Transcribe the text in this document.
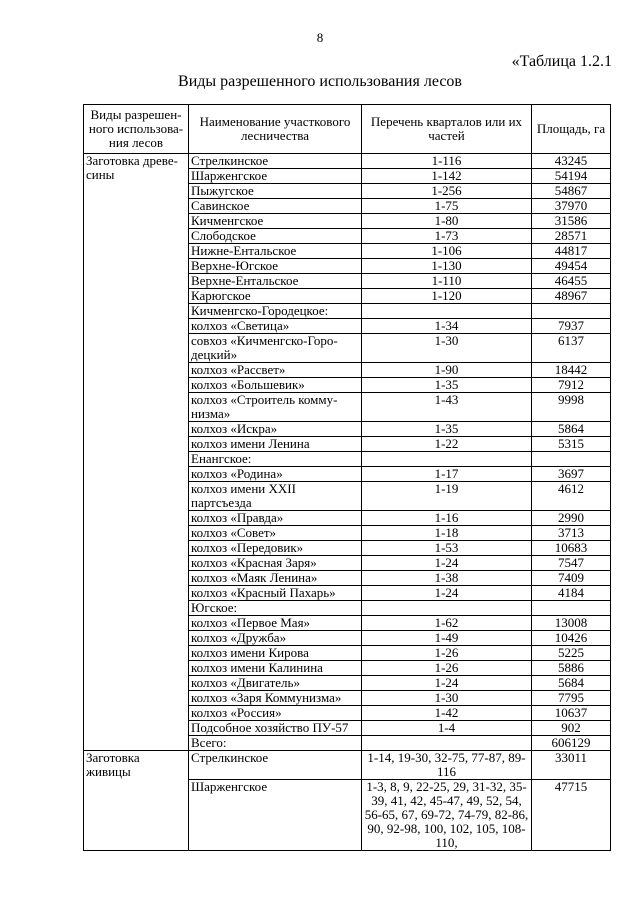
8
«Таблица 1.2.1
Виды разрешенного использования лесов
Виды разрешен-ного использова-ния лесов	Наименование участкового лесничества	Перечень кварталов или их частей	Площадь, га
Заготовка древе-сины	Стрелкинское	1-116	43245
	Шарженгское	1-142	54194
	Пыжугское	1-256	54867
	Савинское	1-75	37970
	Кичменгское	1-80	31586
	Слободское	1-73	28571
	Нижне-Ентальское	1-106	44817
	Верхне-Югское	1-130	49454
	Верхне-Ентальское	1-110	46455
	Карюгское	1-120	48967
	Кичменгско-Городецкое:		
	колхоз «Светица»	1-34	7937
	совхоз «Кичменгско-Горо-децкий»	1-30	6137
	колхоз «Рассвет»	1-90	18442
	колхоз «Большевик»	1-35	7912
	колхоз «Строитель комму-низма»	1-43	9998
	колхоз «Искра»	1-35	5864
	колхоз имени Ленина	1-22	5315
	Енангское:		
	колхоз «Родина»	1-17	3697
	колхоз имени XXII партсъезда	1-19	4612
	колхоз «Правда»	1-16	2990
	колхоз «Совет»	1-18	3713
	колхоз «Передовик»	1-53	10683
	колхоз «Красная Заря»	1-24	7547
	колхоз «Маяк Ленина»	1-38	7409
	колхоз «Красный Пахарь»	1-24	4184
	Югское:		
	колхоз «Первое Мая»	1-62	13008
	колхоз «Дружба»	1-49	10426
	колхоз имени Кирова	1-26	5225
	колхоз имени Калинина	1-26	5886
	колхоз «Двигатель»	1-24	5684
	колхоз «Заря Коммунизма»	1-30	7795
	колхоз «Россия»	1-42	10637
	Подсобное хозяйство ПУ-57	1-4	902
	Всего:		606129
Заготовка живицы	Стрелкинское	1-14, 19-30, 32-75, 77-87, 89-116	33011
	Шарженгское	1-3, 8, 9, 22-25, 29, 31-32, 35-39, 41, 42, 45-47, 49, 52, 54, 56-65, 67, 69-72, 74-79, 82-86, 90, 92-98, 100, 102, 105, 108-110,	47715
